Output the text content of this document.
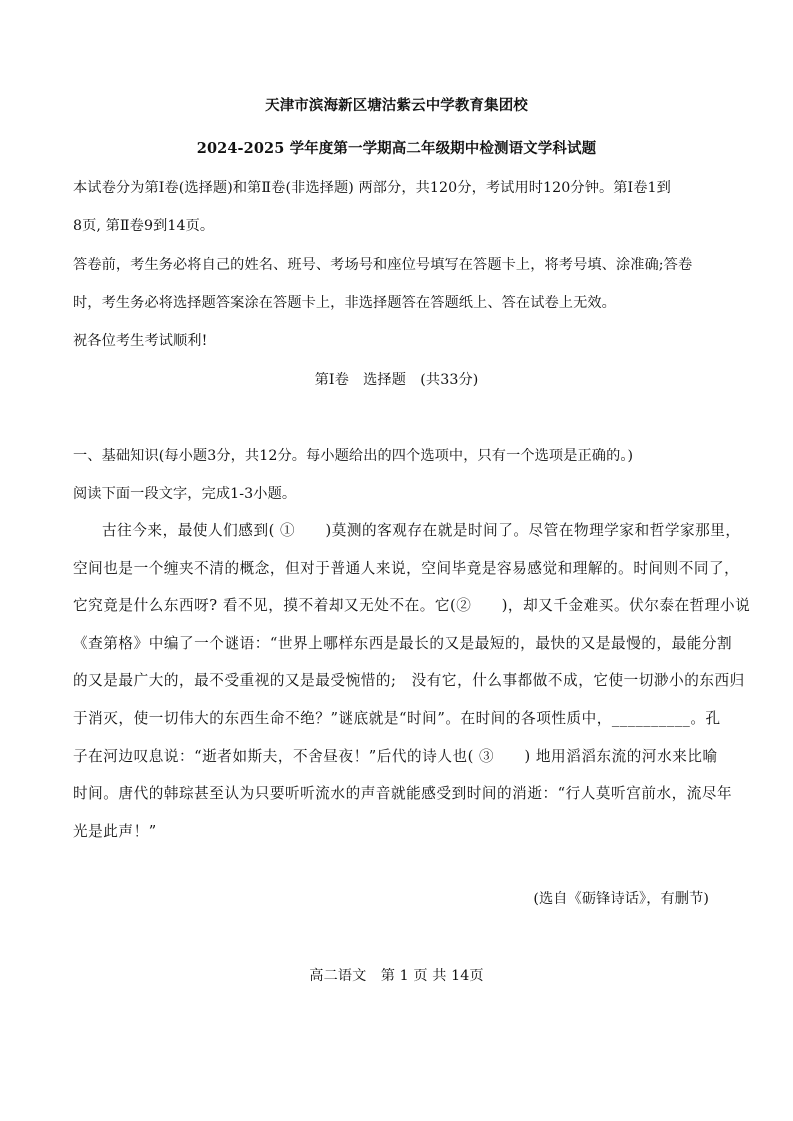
天津市滨海新区塘沽紫云中学教育集团校
2024-2025 学年度第一学期高二年级期中检测语文学科试题
本试卷分为第Ⅰ卷(选择题)和第Ⅱ卷(非选择题) 两部分，共120分，考试用时120分钟。第Ⅰ卷1到
8页, 第Ⅱ卷9到14页。
答卷前，考生务必将自己的姓名、班号、考场号和座位号填写在答题卡上，将考号填、涂准确;答卷
时，考生务必将选择题答案涂在答题卡上，非选择题答在答题纸上、答在试卷上无效。
祝各位考生考试顺利!
第Ⅰ卷　选择题　(共33分)
一、基础知识(每小题3分，共12分。每小题给出的四个选项中，只有一个选项是正确的。)
阅读下面一段文字，完成1-3小题。
古往今来，最使人们感到( ①　　)莫测的客观存在就是时间了。尽管在物理学家和哲学家那里，
空间也是一个缠夹不清的概念，但对于普通人来说，空间毕竟是容易感觉和理解的。时间则不同了，
它究竟是什么东西呀? 看不见，摸不着却又无处不在。它(②　　)，却又千金难买。伏尔泰在哲理小说
《查第格》中编了一个谜语：“世界上哪样东西是最长的又是最短的，最快的又是最慢的，最能分割
的又是最广大的，最不受重视的又是最受惋惜的;　没有它，什么事都做不成，它使一切渺小的东西归
于消灭，使一切伟大的东西生命不绝？”谜底就是“时间”。在时间的各项性质中，__________。孔
子在河边叹息说：“逝者如斯夫，不舍昼夜！”后代的诗人也( ③　　) 地用滔滔东流的河水来比喻
时间。唐代的韩琮甚至认为只要听听流水的声音就能感受到时间的消逝：“行人莫听宫前水，流尽年
光是此声！”
(选自《砺锋诗话》，有删节)
高二语文　第 1 页 共 14页
